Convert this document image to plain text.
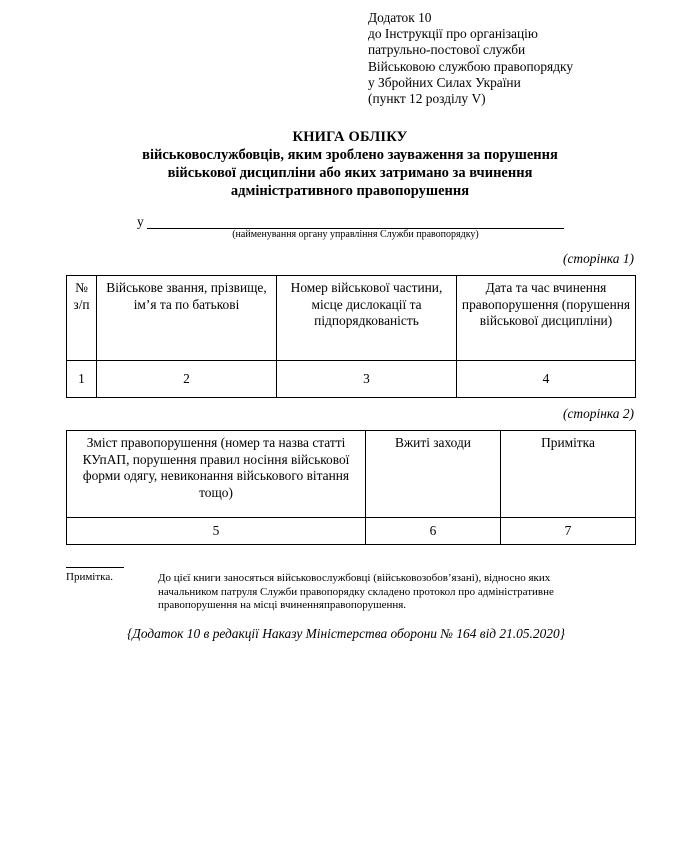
Додаток 10
до Інструкції про організацію
патрульно-постової служби
Військовою службою правопорядку
у Збройних Силах України
(пункт 12 розділу V)
КНИГА ОБЛІКУ
військовослужбовців, яким зроблено зауваження за порушення
військової дисципліни або яких затримано за вчинення
адміністративного правопорушення
у
(найменування органу управління Служби правопорядку)
(сторінка 1)
№ з/п	Військове звання, прізвище, ім’я та по батькові	Номер військової частини, місце дислокації та підпорядкованість	Дата та час вчинення правопорушення (порушення військової дисципліни)
1	2	3	4
(сторінка 2)
Зміст правопорушення (номер та назва статті КУпАП, порушення правил носіння військової форми одягу, невиконання військового вітання тощо)	Вжиті заходи	Примітка
5	6	7
Примітка.	До цієї книги заносяться військовослужбовці (військовозобов’язані), відносно яких начальником патруля Служби правопорядку складено протокол про адміністративне правопорушення на місці вчиненняправопорушення.
{Додаток 10 в редакції Наказу Міністерства оборони № 164 від 21.05.2020}
